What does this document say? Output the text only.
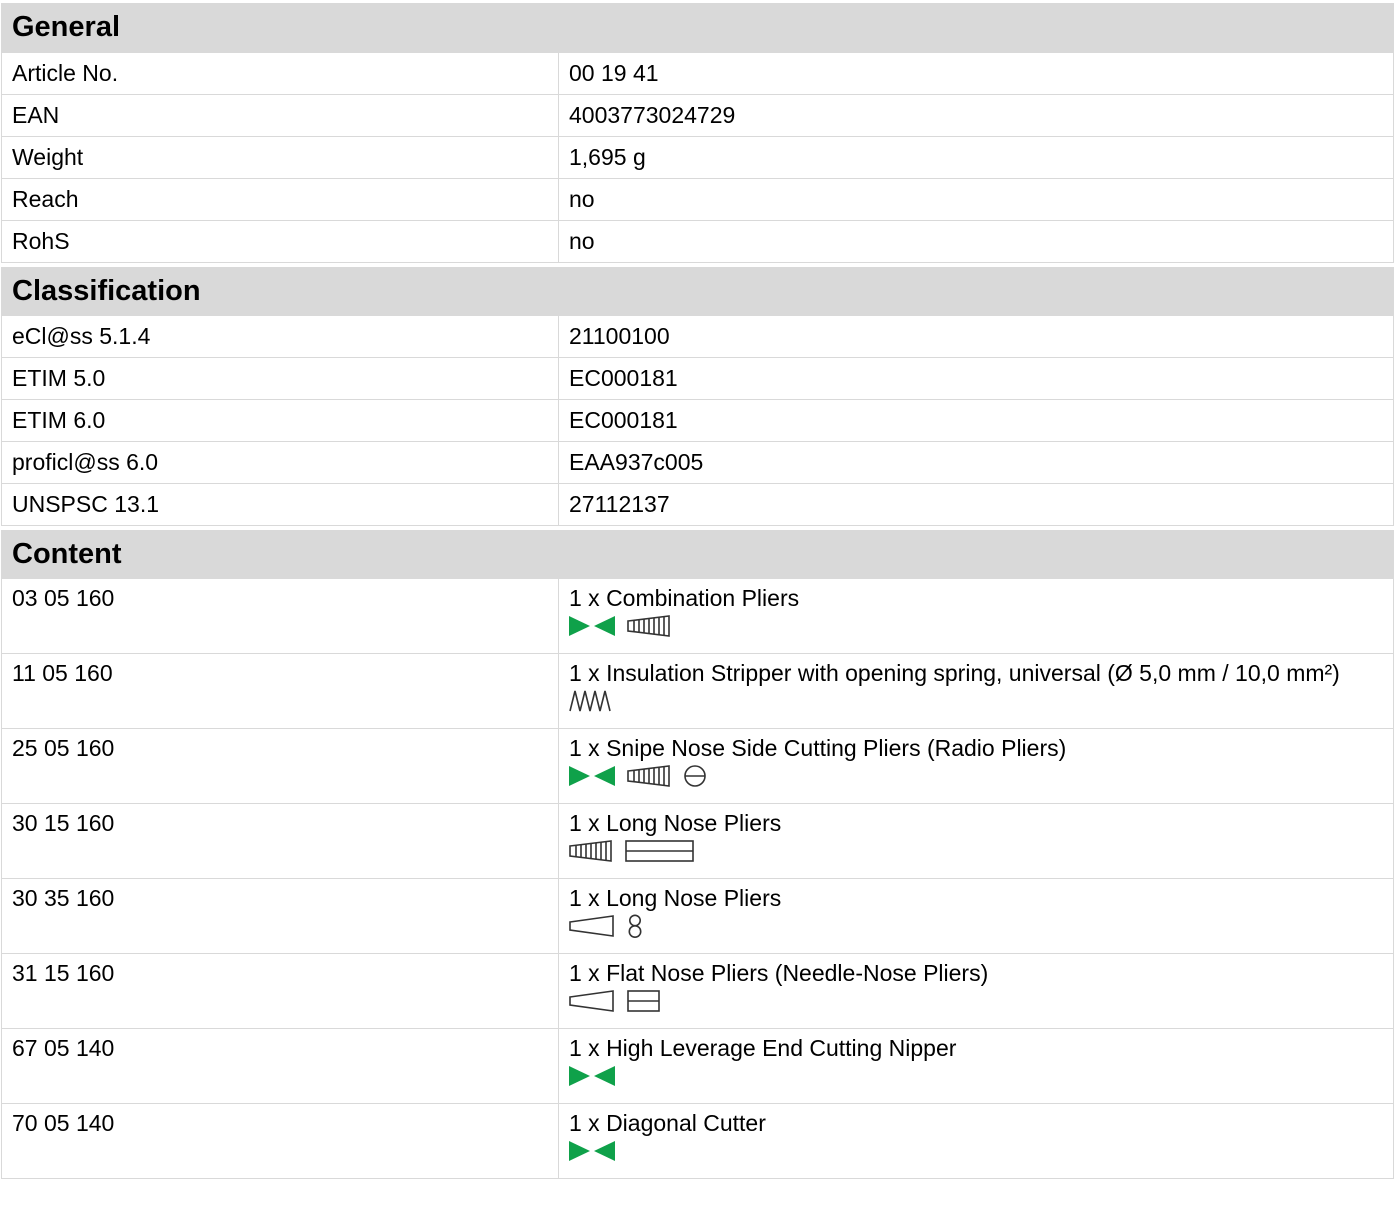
General
Article No.	00 19 41
EAN	4003773024729
Weight	1,695 g
Reach	no
RohS	no
Classification
eCl@ss 5.1.4	21100100
ETIM 5.0	EC000181
ETIM 6.0	EC000181
proficl@ss 6.0	EAA937c005
UNSPSC 13.1	27112137
Content
03 05 160	1 x Combination Pliers

11 05 160	1 x Insulation Stripper with opening spring, universal (Ø 5,0 mm / 10,0 mm²)

25 05 160	1 x Snipe Nose Side Cutting Pliers (Radio Pliers)

30 15 160	1 x Long Nose Pliers

30 35 160	1 x Long Nose Pliers

31 15 160	1 x Flat Nose Pliers (Needle-Nose Pliers)

67 05 140	1 x High Leverage End Cutting Nipper

70 05 140	1 x Diagonal Cutter
